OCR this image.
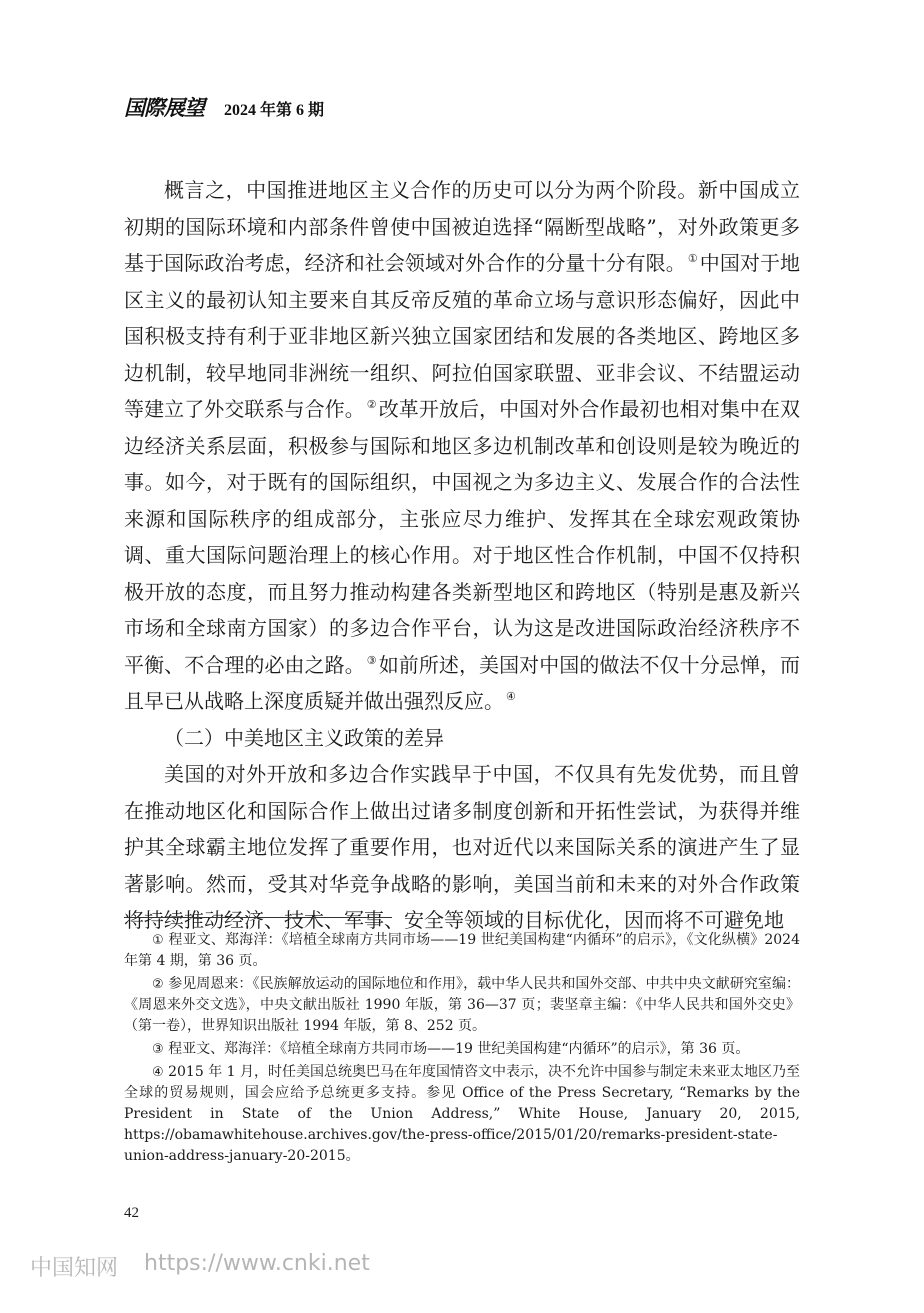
国際展望 2024 年第 6 期

概言之，中国推进地区主义合作的历史可以分为两个阶段。新中国成立初期的国际环境和内部条件曾使中国被迫选择“隔断型战略”，对外政策更多基于国际政治考虑，经济和社会领域对外合作的分量十分有限。 ① 中国对于地区主义的最初认知主要来自其反帝反殖的革命立场与意识形态偏好，因此中国积极支持有利于亚非地区新兴独立国家团结和发展的各类地区、跨地区多边机制，较早地同非洲统一组织、阿拉伯国家联盟、亚非会议、不结盟运动等建立了外交联系与合作。 ② 改革开放后，中国对外合作最初也相对集中在双边经济关系层面，积极参与国际和地区多边机制改革和创设则是较为晚近的事。如今，对于既有的国际组织，中国视之为多边主义、发展合作的合法性来源和国际秩序的组成部分，主张应尽力维护、发挥其在全球宏观政策协调、重大国际问题治理上的核心作用。对于地区性合作机制，中国不仅持积极开放的态度，而且努力推动构建各类新型地区和跨地区（特别是惠及新兴市场和全球南方国家）的多边合作平台，认为这是改进国际政治经济秩序不平衡、不合理的必由之路。 ③ 如前所述，美国对中国的做法不仅十分忌惮，而且早已从战略上深度质疑并做出强烈反应。 ④

（二）中美地区主义政策的差异

美国的对外开放和多边合作实践早于中国，不仅具有先发优势，而且曾在推动地区化和国际合作上做出过诸多制度创新和开拓性尝试，为获得并维护其全球霸主地位发挥了重要作用，也对近代以来国际关系的演进产生了显著影响。然而，受其对华竞争战略的影响，美国当前和未来的对外合作政策将持续推动经济、技术、军事、安全等领域的目标优化，因而将不可避免地

① 程亚文、郑海洋：《培植全球南方共同市场——19 世纪美国构建“内循环”的启示》，《文化纵横》2024 年第 4 期，第 36 页。

② 参见周恩来：《民族解放运动的国际地位和作用》，载中华人民共和国外交部、中共中央文献研究室编：《周恩来外交文选》，中央文献出版社 1990 年版，第 36—37 页；裴坚章主编：《中华人民共和国外交史》（第一卷），世界知识出版社 1994 年版，第 8、252 页。

③ 程亚文、郑海洋：《培植全球南方共同市场——19 世纪美国构建“内循环”的启示》，第 36 页。

④ 2015 年 1 月，时任美国总统奥巴马在年度国情咨文中表示，决不允许中国参与制定未来亚太地区乃至全球的贸易规则，国会应给予总统更多支持。参见 Office of the Press Secretary, “Remarks by the President in State of the Union Address,” White House, January 20, 2015, https://obamawhitehouse.archives.gov/the-press-office/2015/01/20/remarks-president-state-union-address-january-20-2015。

42
中国知网 https://www.cnki.net
